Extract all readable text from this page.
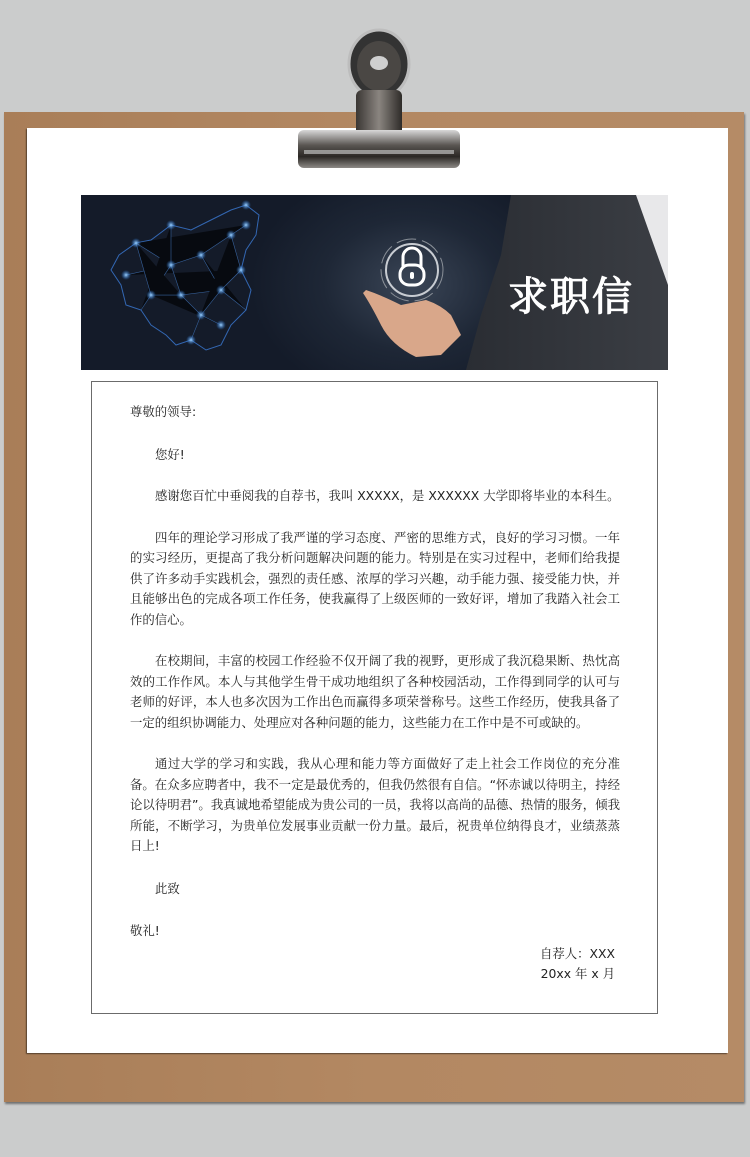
求职信

尊敬的领导:

您好!

感谢您百忙中垂阅我的自荐书，我叫 XXXXX，是 XXXXXX 大学即将毕业的本科生。

四年的理论学习形成了我严谨的学习态度、严密的思维方式，良好的学习习惯。一年的实习经历，更提高了我分析问题解决问题的能力。特别是在实习过程中，老师们给我提供了许多动手实践机会，强烈的责任感、浓厚的学习兴趣，动手能力强、接受能力快，并且能够出色的完成各项工作任务，使我赢得了上级医师的一致好评，增加了我踏入社会工作的信心。

在校期间，丰富的校园工作经验不仅开阔了我的视野，更形成了我沉稳果断、热忱高效的工作作风。本人与其他学生骨干成功地组织了各种校园活动，工作得到同学的认可与老师的好评，本人也多次因为工作出色而赢得多项荣誉称号。这些工作经历，使我具备了一定的组织协调能力、处理应对各种问题的能力，这些能力在工作中是不可或缺的。

通过大学的学习和实践，我从心理和能力等方面做好了走上社会工作岗位的充分准备。在众多应聘者中，我不一定是最优秀的，但我仍然很有自信。“怀赤诚以待明主，持经论以待明君”。我真诚地希望能成为贵公司的一员，我将以高尚的品德、热情的服务，倾我所能，不断学习，为贵单位发展事业贡献一份力量。最后，祝贵单位纳得良才，业绩蒸蒸日上!

此致

敬礼!

自荐人：XXX

20xx 年 x 月
